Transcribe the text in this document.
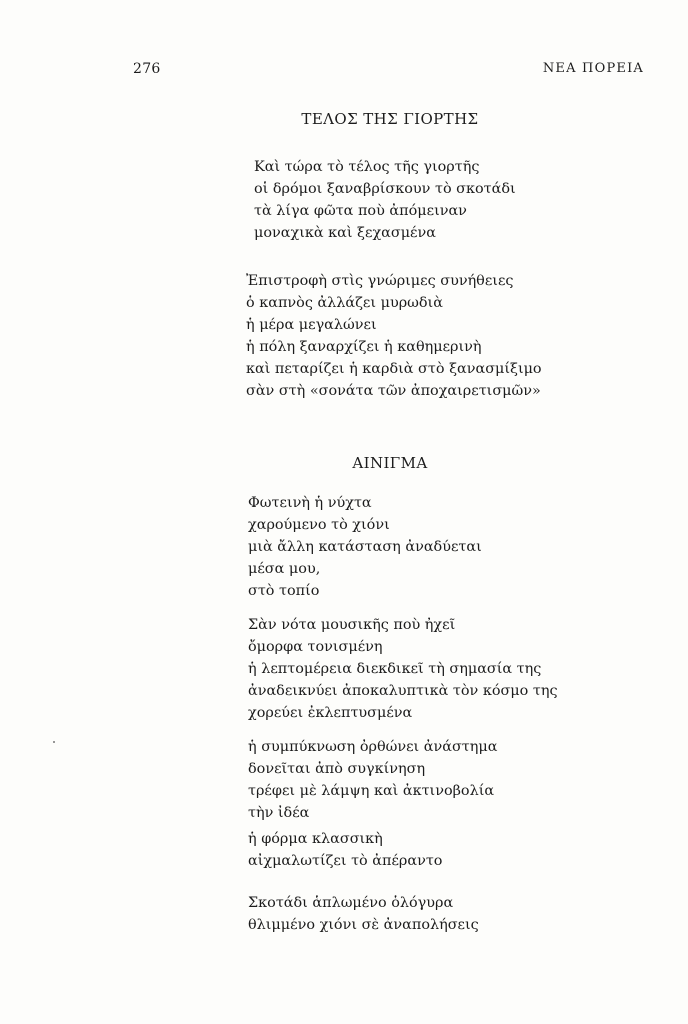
276	ΝΕΑ ΠΟΡΕΙΑ
ΤΕΛΟΣ ΤΗΣ ΓΙΟΡΤΗΣ
Καὶ τώρα τὸ τέλος τῆς γιορτῆς
οἱ δρόμοι ξαναβρίσκουν τὸ σκοτάδι
τὰ λίγα φῶτα ποὺ ἀπόμειναν
μοναχικὰ καὶ ξεχασμένα
Ἐπιστροφὴ στὶς γνώριμες συνήθειες
ὁ καπνὸς ἀλλάζει μυρωδιὰ
ἡ μέρα μεγαλώνει
ἡ πόλη ξαναρχίζει ἡ καθημερινὴ
καὶ πεταρίζει ἡ καρδιὰ στὸ ξανασμίξιμο
σὰν στὴ «σονάτα τῶν ἀποχαιρετισμῶν»
ΑΙΝΙΓΜΑ
Φωτεινὴ ἡ νύχτα
χαρούμενο τὸ χιόνι
μιὰ ἄλλη κατάσταση ἀναδύεται
μέσα μου,
στὸ τοπίο
Σὰν νότα μουσικῆς ποὺ ἠχεῖ
ὄμορφα τονισμένη
ἡ λεπτομέρεια διεκδικεῖ τὴ σημασία της
ἀναδεικνύει ἀποκαλυπτικὰ τὸν κόσμο της
χορεύει ἐκλεπτυσμένα
ἡ συμπύκνωση ὀρθώνει ἀνάστημα
δονεῖται ἀπὸ συγκίνηση
τρέφει μὲ λάμψη καὶ ἀκτινοβολία
τὴν ἰδέα
ἡ φόρμα κλασσικὴ
αἰχμαλωτίζει τὸ ἀπέραντο
Σκοτάδι ἁπλωμένο ὁλόγυρα
θλιμμένο χιόνι σὲ ἀναπολήσεις
